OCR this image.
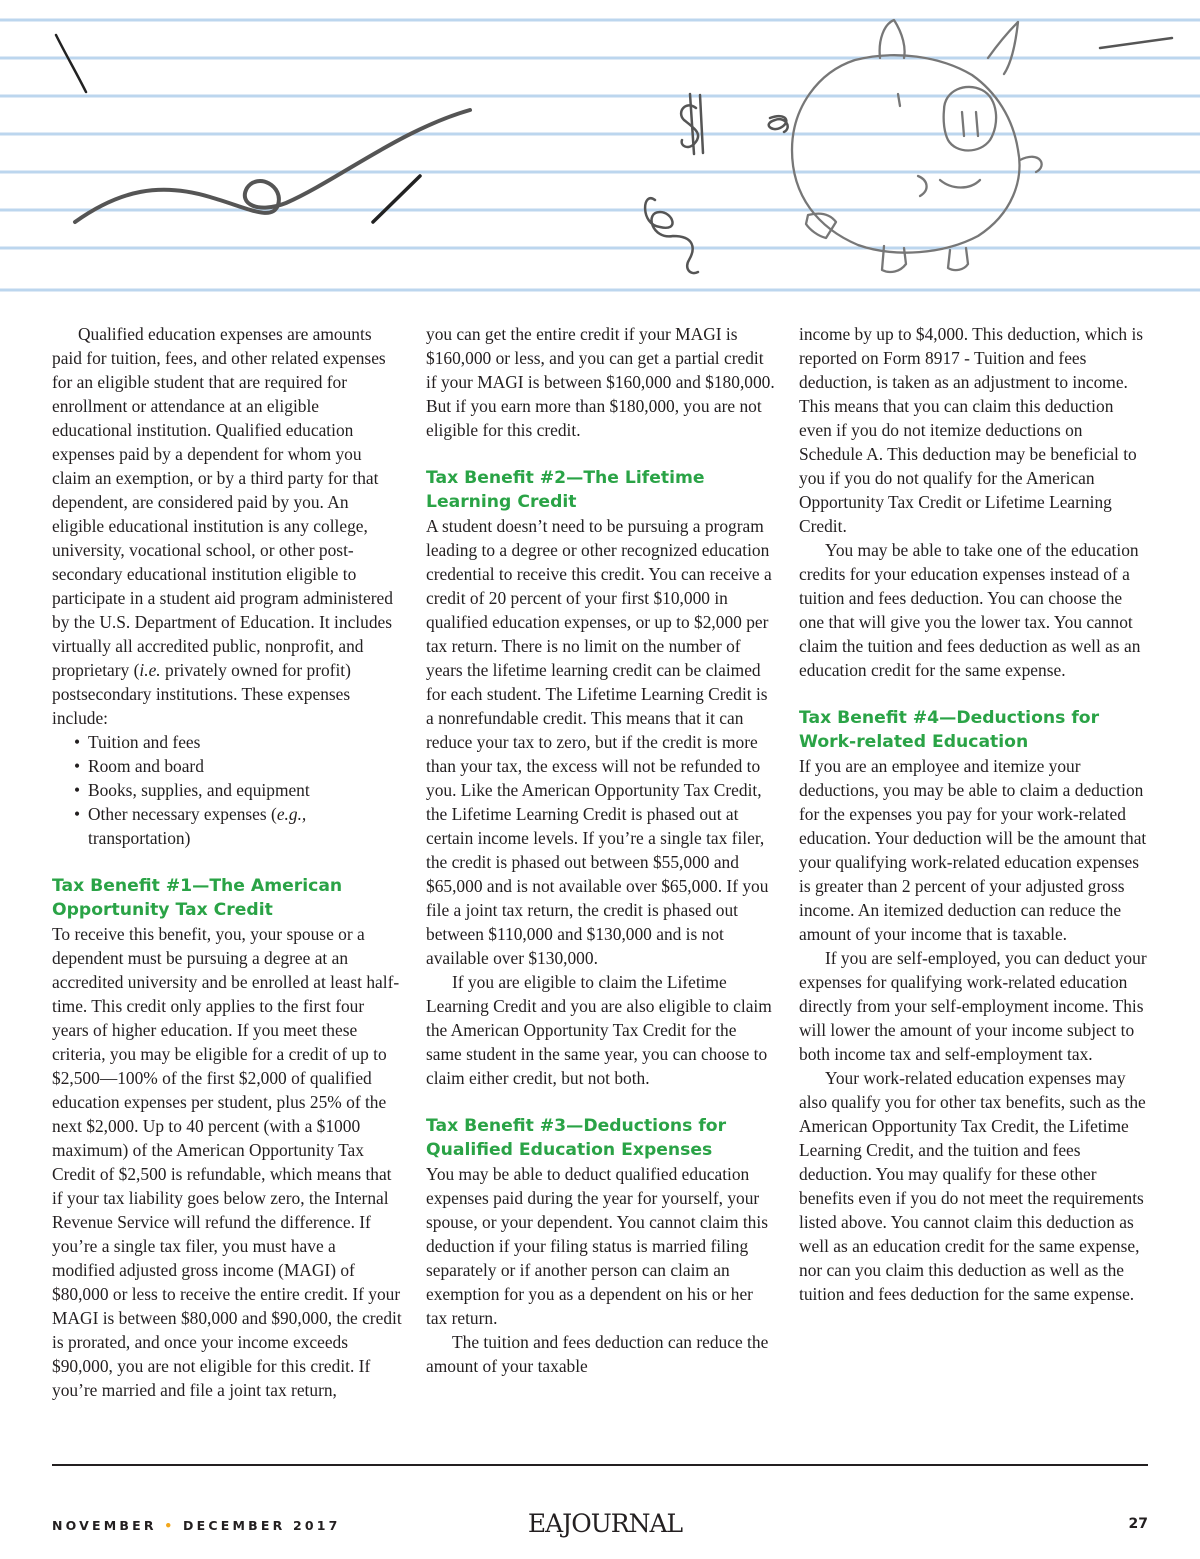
Qualified education expenses are amounts paid for tuition, fees, and other related expenses for an eligible student that are required for enrollment or attendance at an eligible educational institution. Qualified education expenses paid by a dependent for whom you claim an exemption, or by a third party for that dependent, are considered paid by you. An eligible educational institution is any college, university, vocational school, or other post-secondary educational institution eligible to participate in a student aid program administered by the U.S. Department of Education. It includes virtually all accredited public, nonprofit, and proprietary (i.e. privately owned for profit) postsecondary institutions. These expenses include:

• Tuition and fees
• Room and board
• Books, supplies, and equipment
• Other necessary expenses (e.g., transportation)
Tax Benefit #1—The American Opportunity Tax Credit

To receive this benefit, you, your spouse or a dependent must be pursuing a degree at an accredited university and be enrolled at least half-time. This credit only applies to the first four years of higher education. If you meet these criteria, you may be eligible for a credit of up to $2,500—100% of the first $2,000 of qualified education expenses per student, plus 25% of the next $2,000. Up to 40 percent (with a $1000 maximum) of the American Opportunity Tax Credit of $2,500 is refundable, which means that if your tax liability goes below zero, the Internal Revenue Service will refund the difference. If you’re a single tax filer, you must have a modified adjusted gross income (MAGI) of $80,000 or less to receive the entire credit. If your MAGI is between $80,000 and $90,000, the credit is prorated, and once your income exceeds $90,000, you are not eligible for this credit. If you’re married and file a joint tax return,

you can get the entire credit if your MAGI is $160,000 or less, and you can get a partial credit if your MAGI is between $160,000 and $180,000. But if you earn more than $180,000, you are not eligible for this credit.

Tax Benefit #2—The Lifetime Learning Credit

A student doesn’t need to be pursuing a program leading to a degree or other recognized education credential to receive this credit. You can receive a credit of 20 percent of your first $10,000 in qualified education expenses, or up to $2,000 per tax return. There is no limit on the number of years the lifetime learning credit can be claimed for each student. The Lifetime Learning Credit is a nonrefundable credit. This means that it can reduce your tax to zero, but if the credit is more than your tax, the excess will not be refunded to you. Like the American Opportunity Tax Credit, the Lifetime Learning Credit is phased out at certain income levels. If you’re a single tax filer, the credit is phased out between $55,000 and $65,000 and is not available over $65,000. If you file a joint tax return, the credit is phased out between $110,000 and $130,000 and is not available over $130,000.

If you are eligible to claim the Lifetime Learning Credit and you are also eligible to claim the American Opportunity Tax Credit for the same student in the same year, you can choose to claim either credit, but not both.

Tax Benefit #3—Deductions for Qualified Education Expenses

You may be able to deduct qualified education expenses paid during the year for yourself, your spouse, or your dependent. You cannot claim this deduction if your filing status is married filing separately or if another person can claim an exemption for you as a dependent on his or her tax return.

The tuition and fees deduction can reduce the amount of your taxable

income by up to $4,000. This deduction, which is reported on Form 8917 - Tuition and fees deduction, is taken as an adjustment to income. This means that you can claim this deduction even if you do not itemize deductions on Schedule A. This deduction may be beneficial to you if you do not qualify for the American Opportunity Tax Credit or Lifetime Learning Credit.

You may be able to take one of the education credits for your education expenses instead of a tuition and fees deduction. You can choose the one that will give you the lower tax. You cannot claim the tuition and fees deduction as well as an education credit for the same expense.

Tax Benefit #4—Deductions for Work-related Education

If you are an employee and itemize your deductions, you may be able to claim a deduction for the expenses you pay for your work-related education. Your deduction will be the amount that your qualifying work-related education expenses is greater than 2 percent of your adjusted gross income. An itemized deduction can reduce the amount of your income that is taxable.

If you are self-employed, you can deduct your expenses for qualifying work-related education directly from your self-employment income. This will lower the amount of your income subject to both income tax and self-employment tax.

Your work-related education expenses may also qualify you for other tax benefits, such as the American Opportunity Tax Credit, the Lifetime Learning Credit, and the tuition and fees deduction. You may qualify for these other benefits even if you do not meet the requirements listed above. You cannot claim this deduction as well as an education credit for the same expense, nor can you claim this deduction as well as the tuition and fees deduction for the same expense.

NOVEMBER • DECEMBER 2017	EAJOURNAL	27
